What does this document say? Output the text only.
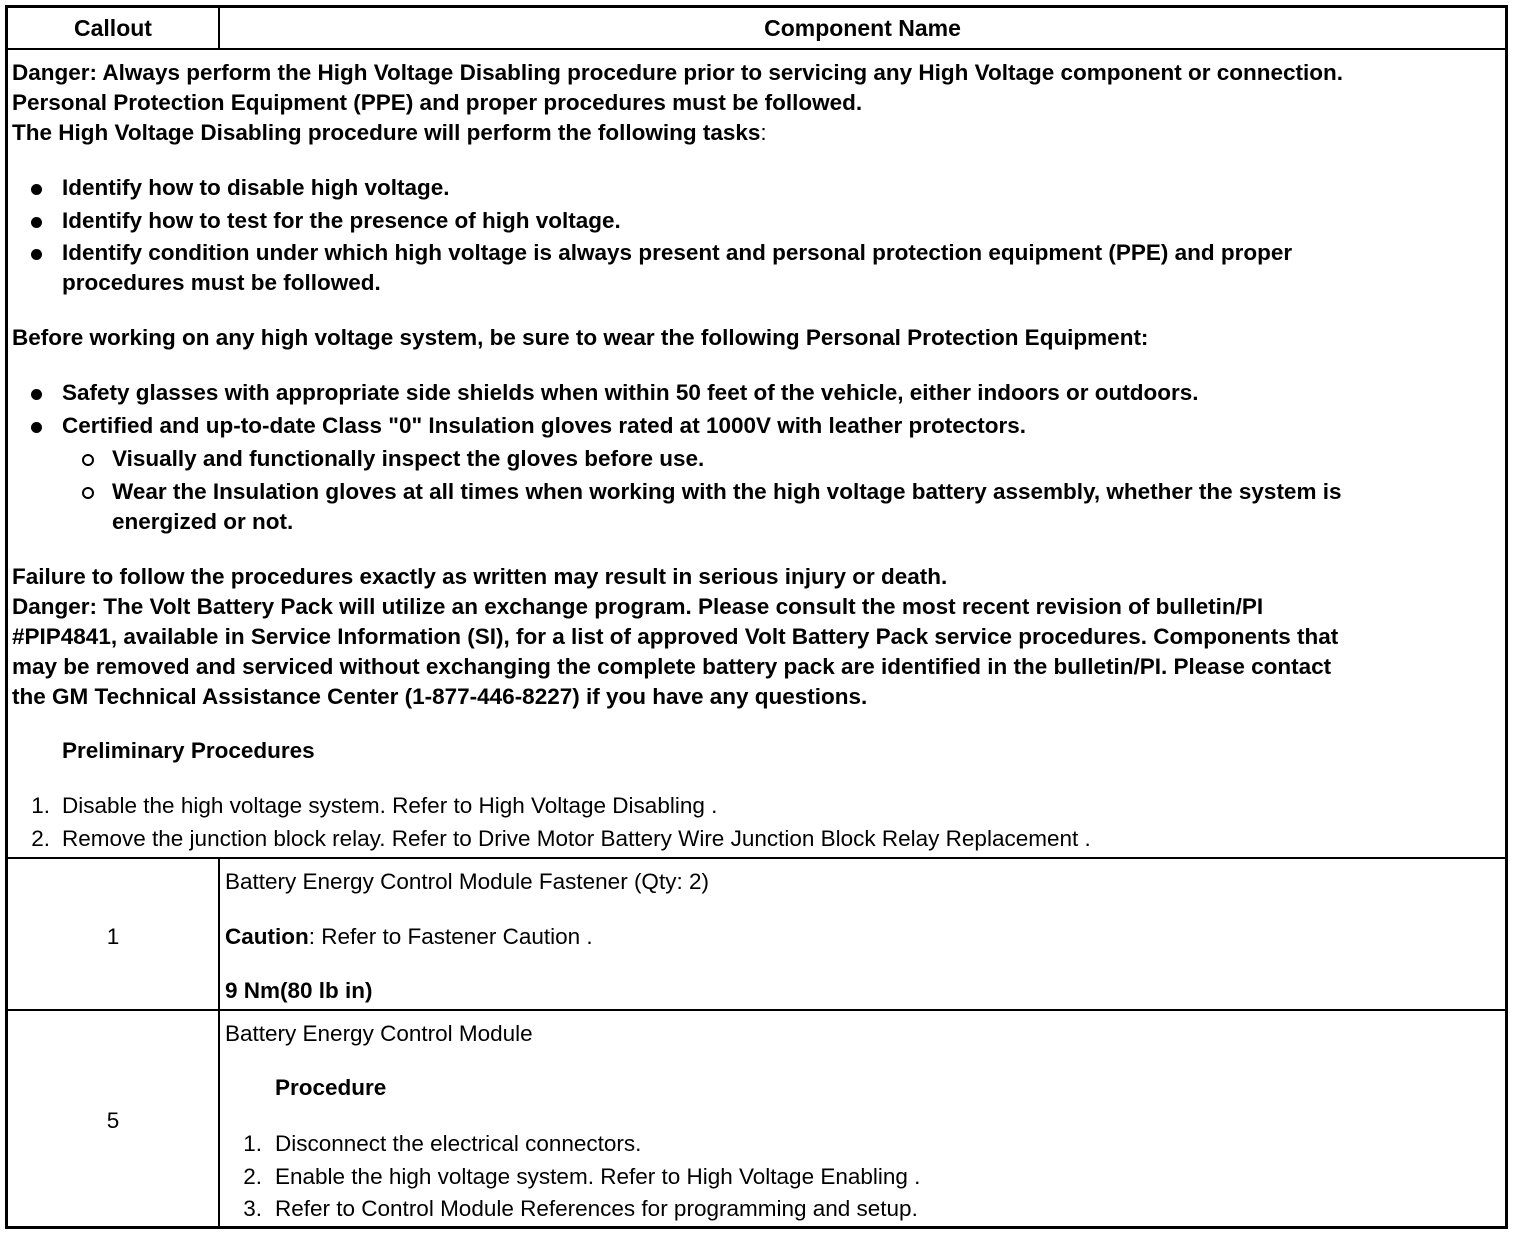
Callout	Component Name
Danger: Always perform the High Voltage Disabling procedure prior to servicing any High Voltage component or connection.
Personal Protection Equipment (PPE) and proper procedures must be followed.
The High Voltage Disabling procedure will perform the following tasks:
Identify how to disable high voltage.
Identify how to test for the presence of high voltage.
Identify condition under which high voltage is always present and personal protection equipment (PPE) and proper
procedures must be followed.
Before working on any high voltage system, be sure to wear the following Personal Protection Equipment:
Safety glasses with appropriate side shields when within 50 feet of the vehicle, either indoors or outdoors.
Certified and up-to-date Class "0" Insulation gloves rated at 1000V with leather protectors.
Visually and functionally inspect the gloves before use.
Wear the Insulation gloves at all times when working with the high voltage battery assembly, whether the system is
energized or not.
Failure to follow the procedures exactly as written may result in serious injury or death.
Danger: The Volt Battery Pack will utilize an exchange program. Please consult the most recent revision of bulletin/PI
#PIP4841, available in Service Information (SI), for a list of approved Volt Battery Pack service procedures. Components that
may be removed and serviced without exchanging the complete battery pack are identified in the bulletin/PI. Please contact
the GM Technical Assistance Center (1-877-446-8227) if you have any questions.
Preliminary Procedures
1. Disable the high voltage system. Refer to High Voltage Disabling .
2. Remove the junction block relay. Refer to Drive Motor Battery Wire Junction Block Relay Replacement .
1
Battery Energy Control Module Fastener (Qty: 2)
Caution: Refer to Fastener Caution .
9 Nm(80 lb in)
5
Battery Energy Control Module
Procedure
1. Disconnect the electrical connectors.
2. Enable the high voltage system. Refer to High Voltage Enabling .
3. Refer to Control Module References for programming and setup.
